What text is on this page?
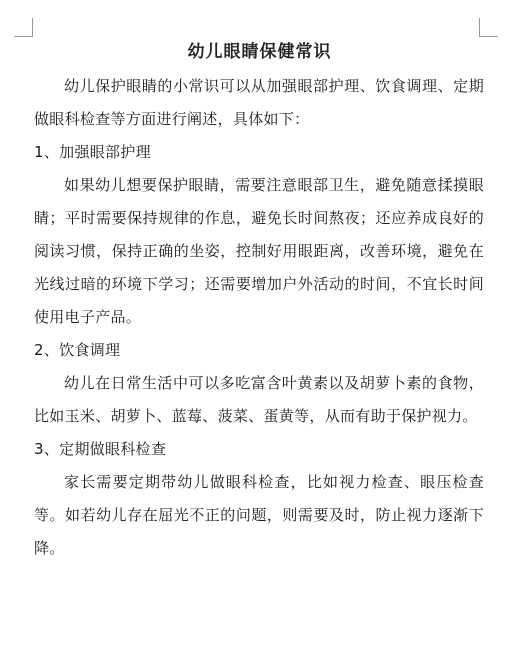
幼儿眼睛保健常识

幼儿保护眼睛的小常识可以从加强眼部护理、饮食调理、定期做眼科检查等方面进行阐述，具体如下：

1、加强眼部护理

如果幼儿想要保护眼睛，需要注意眼部卫生，避免随意揉摸眼睛；平时需要保持规律的作息，避免长时间熬夜；还应养成良好的阅读习惯，保持正确的坐姿，控制好用眼距离，改善环境，避免在光线过暗的环境下学习；还需要增加户外活动的时间，不宜长时间使用电子产品。

2、饮食调理

幼儿在日常生活中可以多吃富含叶黄素以及胡萝卜素的食物，比如玉米、胡萝卜、蓝莓、菠菜、蛋黄等，从而有助于保护视力。

3、定期做眼科检查

家长需要定期带幼儿做眼科检查，比如视力检查、眼压检查等。如若幼儿存在屈光不正的问题，则需要及时，防止视力逐渐下降。
